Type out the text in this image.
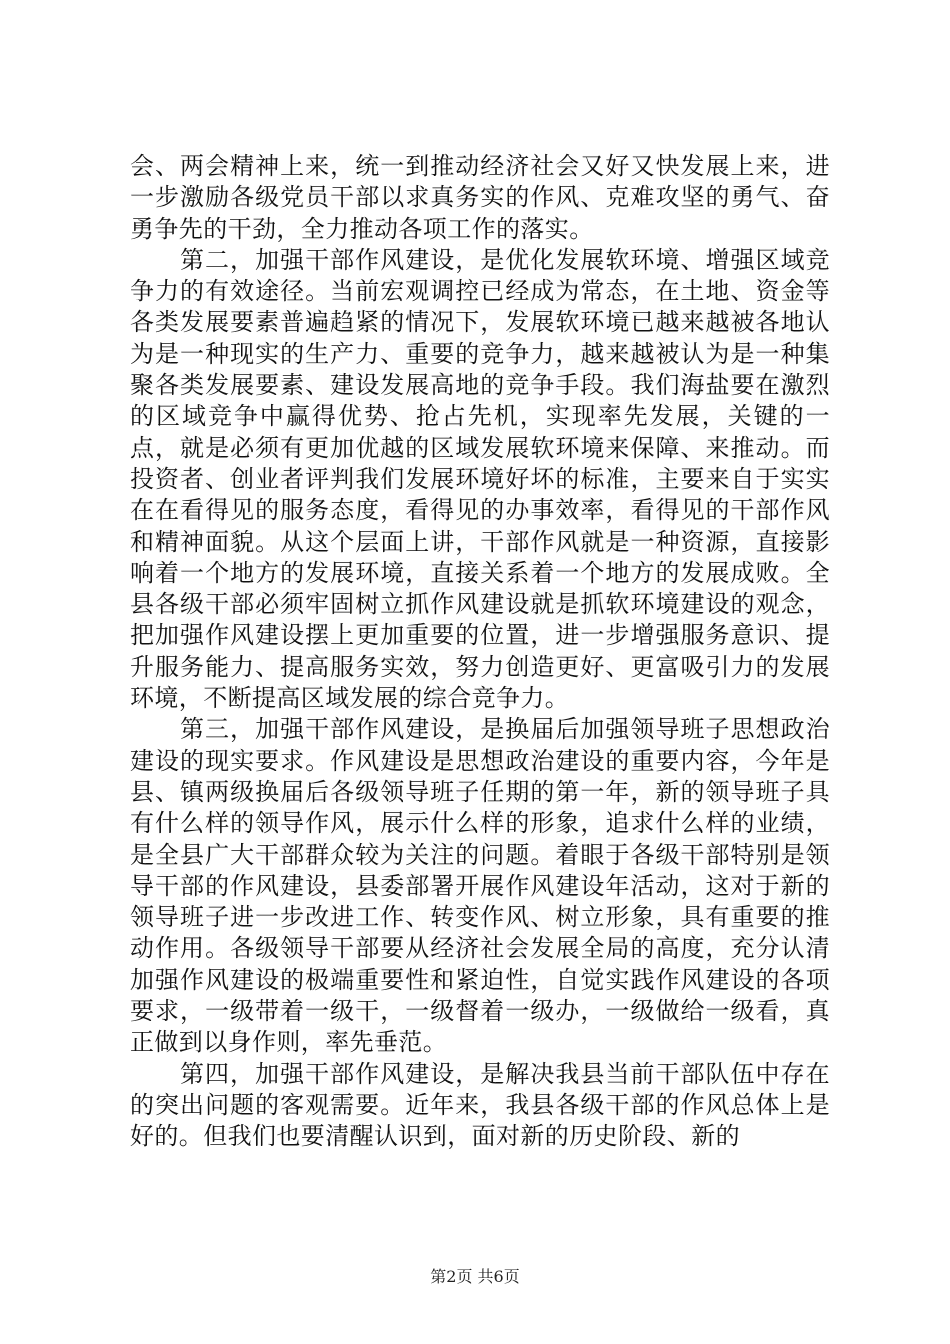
会、两会精神上来，统一到推动经济社会又好又快发展上来，进一步激励各级党员干部以求真务实的作风、克难攻坚的勇气、奋勇争先的干劲，全力推动各项工作的落实。

第二，加强干部作风建设，是优化发展软环境、增强区域竞争力的有效途径。当前宏观调控已经成为常态，在土地、资金等各类发展要素普遍趋紧的情况下，发展软环境已越来越被各地认为是一种现实的生产力、重要的竞争力，越来越被认为是一种集聚各类发展要素、建设发展高地的竞争手段。我们海盐要在激烈的区域竞争中赢得优势、抢占先机，实现率先发展，关键的一点，就是必须有更加优越的区域发展软环境来保障、来推动。而投资者、创业者评判我们发展环境好坏的标准，主要来自于实实在在看得见的服务态度，看得见的办事效率，看得见的干部作风和精神面貌。从这个层面上讲，干部作风就是一种资源，直接影响着一个地方的发展环境，直接关系着一个地方的发展成败。全县各级干部必须牢固树立抓作风建设就是抓软环境建设的观念，把加强作风建设摆上更加重要的位置，进一步增强服务意识、提升服务能力、提高服务实效，努力创造更好、更富吸引力的发展环境，不断提高区域发展的综合竞争力。

第三，加强干部作风建设，是换届后加强领导班子思想政治建设的现实要求。作风建设是思想政治建设的重要内容，今年是县、镇两级换届后各级领导班子任期的第一年，新的领导班子具有什么样的领导作风，展示什么样的形象，追求什么样的业绩，是全县广大干部群众较为关注的问题。着眼于各级干部特别是领导干部的作风建设，县委部署开展作风建设年活动，这对于新的领导班子进一步改进工作、转变作风、树立形象，具有重要的推动作用。各级领导干部要从经济社会发展全局的高度，充分认清加强作风建设的极端重要性和紧迫性，自觉实践作风建设的各项要求，一级带着一级干，一级督着一级办，一级做给一级看，真正做到以身作则，率先垂范。

第四，加强干部作风建设，是解决我县当前干部队伍中存在的突出问题的客观需要。近年来，我县各级干部的作风总体上是好的。但我们也要清醒认识到，面对新的历史阶段、新的

第2页 共6页
